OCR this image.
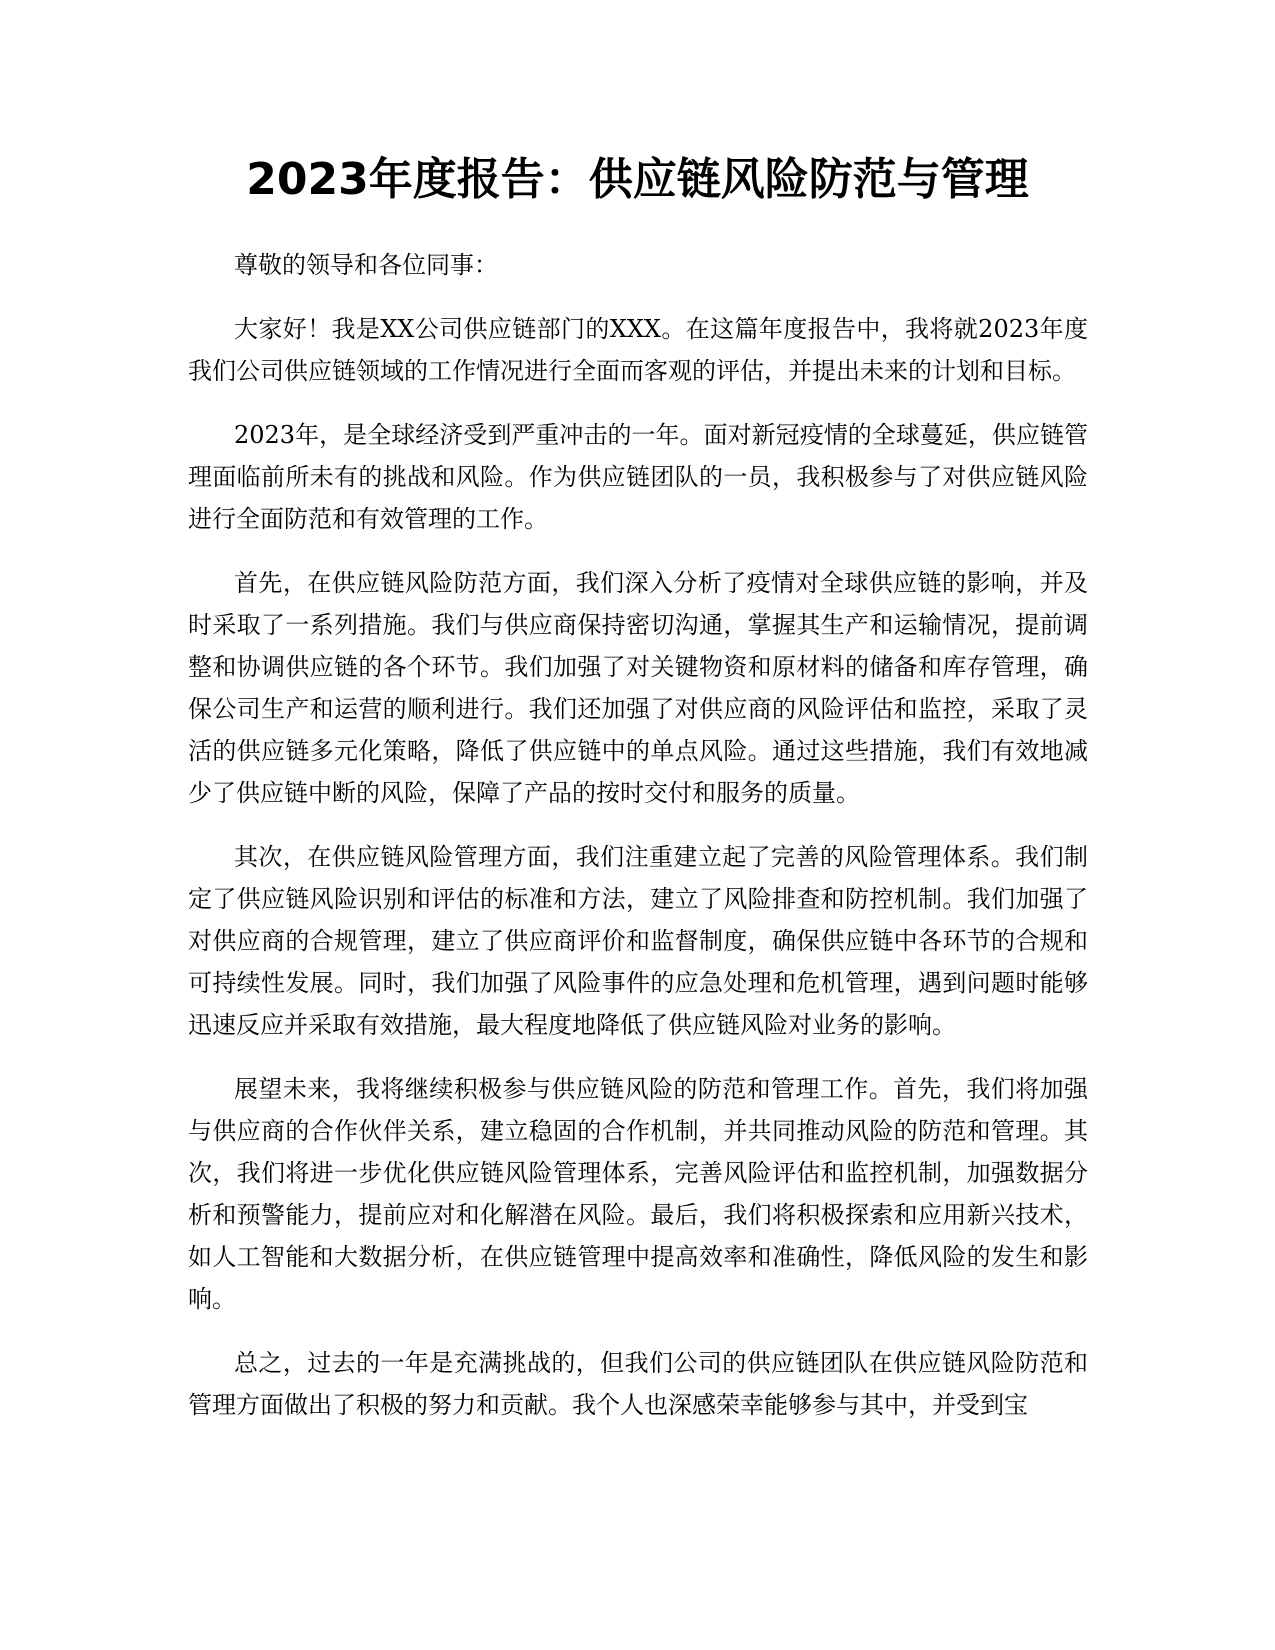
2023年度报告：供应链风险防范与管理

尊敬的领导和各位同事：

大家好！我是XX公司供应链部门的XXX。在这篇年度报告中，我将就2023年度我们公司供应链领域的工作情况进行全面而客观的评估，并提出未来的计划和目标。

2023年，是全球经济受到严重冲击的一年。面对新冠疫情的全球蔓延，供应链管理面临前所未有的挑战和风险。作为供应链团队的一员，我积极参与了对供应链风险进行全面防范和有效管理的工作。

首先，在供应链风险防范方面，我们深入分析了疫情对全球供应链的影响，并及时采取了一系列措施。我们与供应商保持密切沟通，掌握其生产和运输情况，提前调整和协调供应链的各个环节。我们加强了对关键物资和原材料的储备和库存管理，确保公司生产和运营的顺利进行。我们还加强了对供应商的风险评估和监控，采取了灵活的供应链多元化策略，降低了供应链中的单点风险。通过这些措施，我们有效地减少了供应链中断的风险，保障了产品的按时交付和服务的质量。

其次，在供应链风险管理方面，我们注重建立起了完善的风险管理体系。我们制定了供应链风险识别和评估的标准和方法，建立了风险排查和防控机制。我们加强了对供应商的合规管理，建立了供应商评价和监督制度，确保供应链中各环节的合规和可持续性发展。同时，我们加强了风险事件的应急处理和危机管理，遇到问题时能够迅速反应并采取有效措施，最大程度地降低了供应链风险对业务的影响。

展望未来，我将继续积极参与供应链风险的防范和管理工作。首先，我们将加强与供应商的合作伙伴关系，建立稳固的合作机制，并共同推动风险的防范和管理。其次，我们将进一步优化供应链风险管理体系，完善风险评估和监控机制，加强数据分析和预警能力，提前应对和化解潜在风险。最后，我们将积极探索和应用新兴技术，如人工智能和大数据分析，在供应链管理中提高效率和准确性，降低风险的发生和影响。

总之，过去的一年是充满挑战的，但我们公司的供应链团队在供应链风险防范和管理方面做出了积极的努力和贡献。我个人也深感荣幸能够参与其中，并受到宝
